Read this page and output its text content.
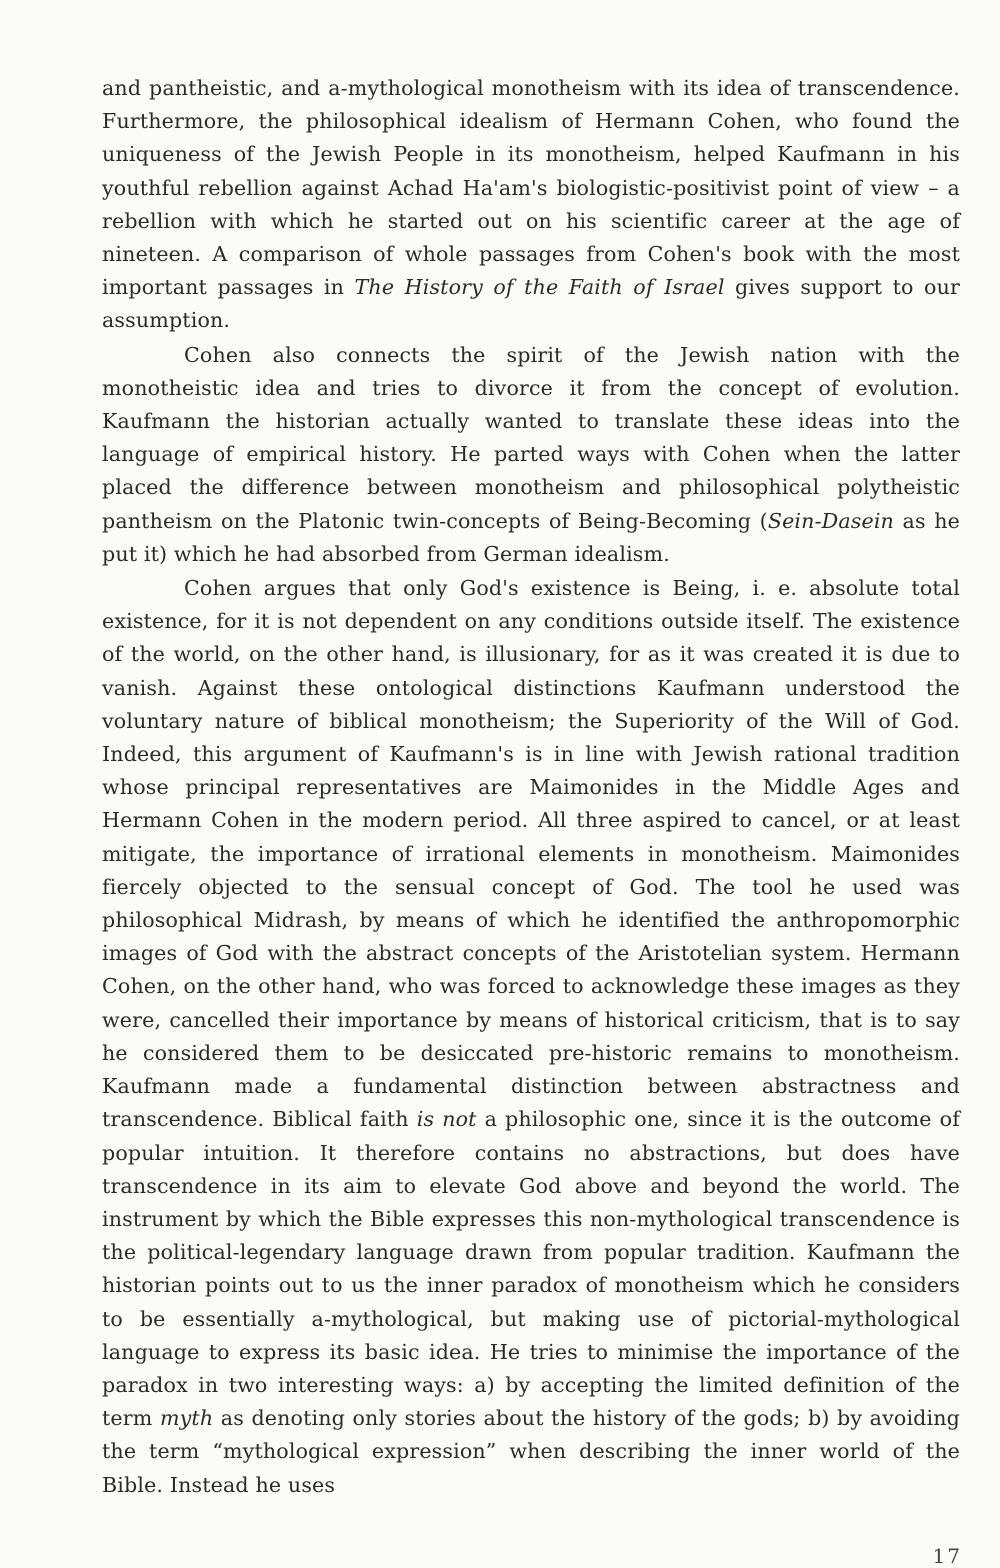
and pantheistic, and a-mythological monotheism with its idea of transcendence. Furthermore, the philosophical idealism of Hermann Cohen, who found the uniqueness of the Jewish People in its monotheism, helped Kaufmann in his youthful rebellion against Achad Ha'am's biologistic-positivist point of view – a rebellion with which he started out on his scientific career at the age of nineteen. A comparison of whole passages from Cohen's book with the most important passages in The History of the Faith of Israel gives support to our assumption.

Cohen also connects the spirit of the Jewish nation with the monotheistic idea and tries to divorce it from the concept of evolution. Kaufmann the historian actually wanted to translate these ideas into the language of empirical history. He parted ways with Cohen when the latter placed the difference between monotheism and philosophical polytheistic pantheism on the Platonic twin-concepts of Being-Becoming (Sein-Dasein as he put it) which he had absorbed from German idealism.

Cohen argues that only God's existence is Being, i. e. absolute total existence, for it is not dependent on any conditions outside itself. The existence of the world, on the other hand, is illusionary, for as it was created it is due to vanish. Against these ontological distinctions Kaufmann understood the voluntary nature of biblical monotheism; the Superiority of the Will of God. Indeed, this argument of Kaufmann's is in line with Jewish rational tradition whose principal representatives are Maimonides in the Middle Ages and Hermann Cohen in the modern period. All three aspired to cancel, or at least mitigate, the importance of irrational elements in monotheism. Maimonides fiercely objected to the sensual concept of God. The tool he used was philosophical Midrash, by means of which he identified the anthropomorphic images of God with the abstract concepts of the Aristotelian system. Hermann Cohen, on the other hand, who was forced to acknowledge these images as they were, cancelled their importance by means of historical criticism, that is to say he considered them to be desiccated pre-historic remains to monotheism. Kaufmann made a fundamental distinction between abstractness and transcendence. Biblical faith is not a philosophic one, since it is the outcome of popular intuition. It therefore contains no abstractions, but does have transcendence in its aim to elevate God above and beyond the world. The instrument by which the Bible expresses this non-mythological transcendence is the political-legendary language drawn from popular tradition. Kaufmann the historian points out to us the inner paradox of monotheism which he considers to be essentially a-mythological, but making use of pictorial-mythological language to express its basic idea. He tries to minimise the importance of the paradox in two interesting ways: a) by accepting the limited definition of the term myth as denoting only stories about the history of the gods; b) by avoiding the term “mythological expression” when describing the inner world of the Bible. Instead he uses

17
